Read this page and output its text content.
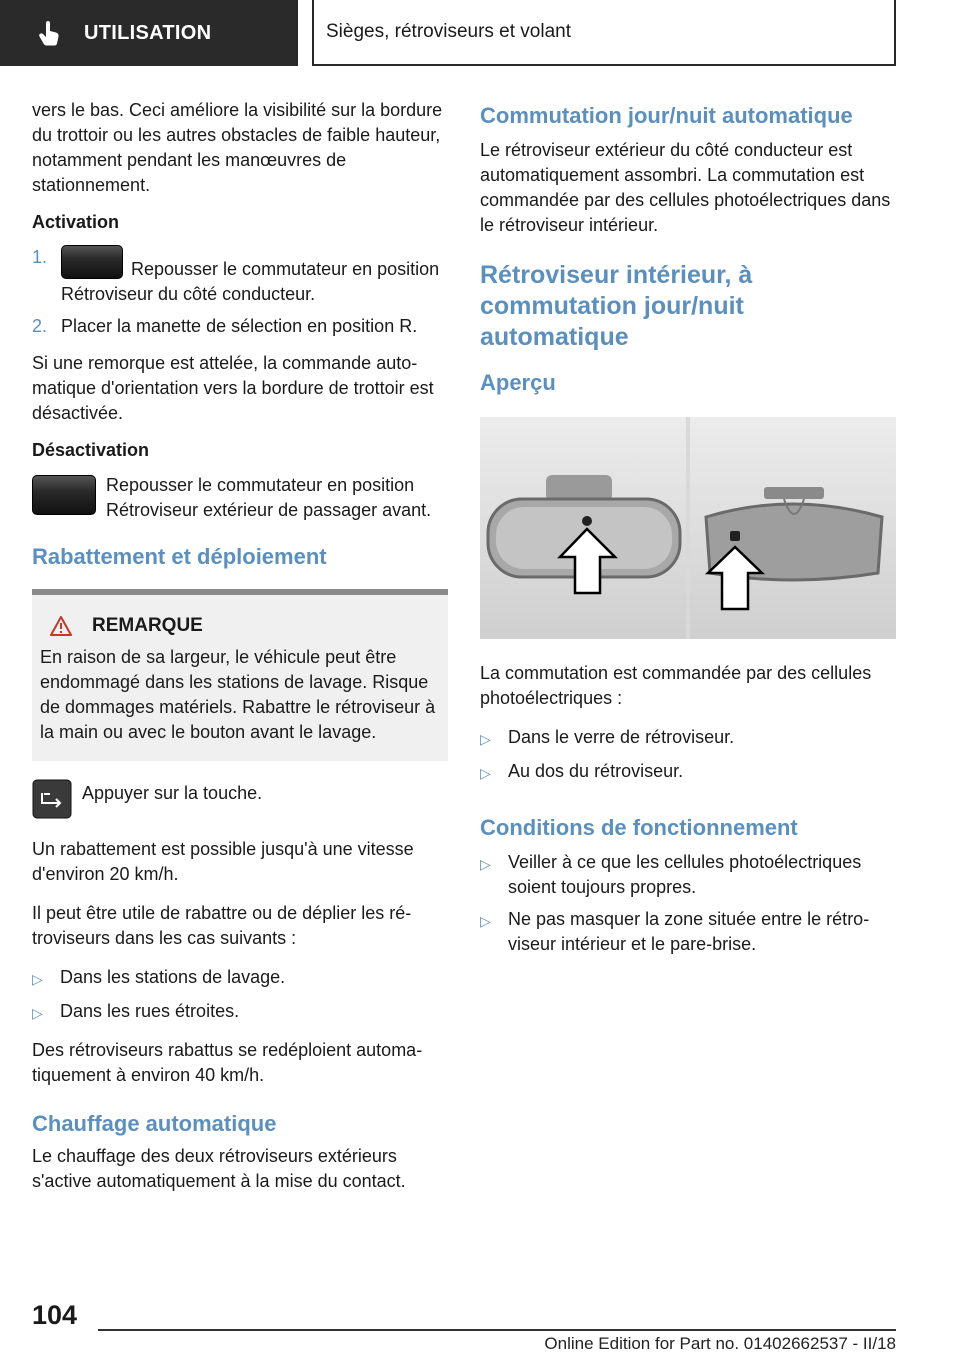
UTILISATION	Sièges, rétroviseurs et volant

vers le bas. Ceci améliore la visibilité sur la bordure du trottoir ou les autres obstacles de faible hauteur, notamment pendant les manœuvres de stationnement.

Activation
1.
Repousser le commutateur en position Rétroviseur du côté conducteur.
2. Placer la manette de sélection en position R.

Si une remorque est attelée, la commande automatique d'orientation vers la bordure de trottoir est désactivée.

Désactivation
Repousser le commutateur en position Rétroviseur extérieur de passager avant.
Rabattement et déploiement
REMARQUE

En raison de sa largeur, le véhicule peut être endommagé dans les stations de lavage. Risque de dommages matériels. Rabattre le rétroviseur à la main ou avec le bouton avant le lavage.

Appuyer sur la touche.

Un rabattement est possible jusqu'à une vitesse d'environ 20 km/h.

Il peut être utile de rabattre ou de déplier les rétroviseurs dans les cas suivants :

▷ Dans les stations de lavage.
▷ Dans les rues étroites.

Des rétroviseurs rabattus se redéploient automatiquement à environ 40 km/h.

Chauffage automatique

Le chauffage des deux rétroviseurs extérieurs s'active automatiquement à la mise du contact.

Commutation jour/nuit automatique

Le rétroviseur extérieur du côté conducteur est automatiquement assombri. La commutation est commandée par des cellules photoélectriques dans le rétroviseur intérieur.

Rétroviseur intérieur, à commutation jour/nuit automatique
Aperçu

La commutation est commandée par des cellules photoélectriques :

▷ Dans le verre de rétroviseur.
▷ Au dos du rétroviseur.
Conditions de fonctionnement
▷ Veiller à ce que les cellules photoélectriques soient toujours propres.
▷ Ne pas masquer la zone située entre le rétroviseur intérieur et le pare-brise.
104
Online Edition for Part no. 01402662537 - II/18
